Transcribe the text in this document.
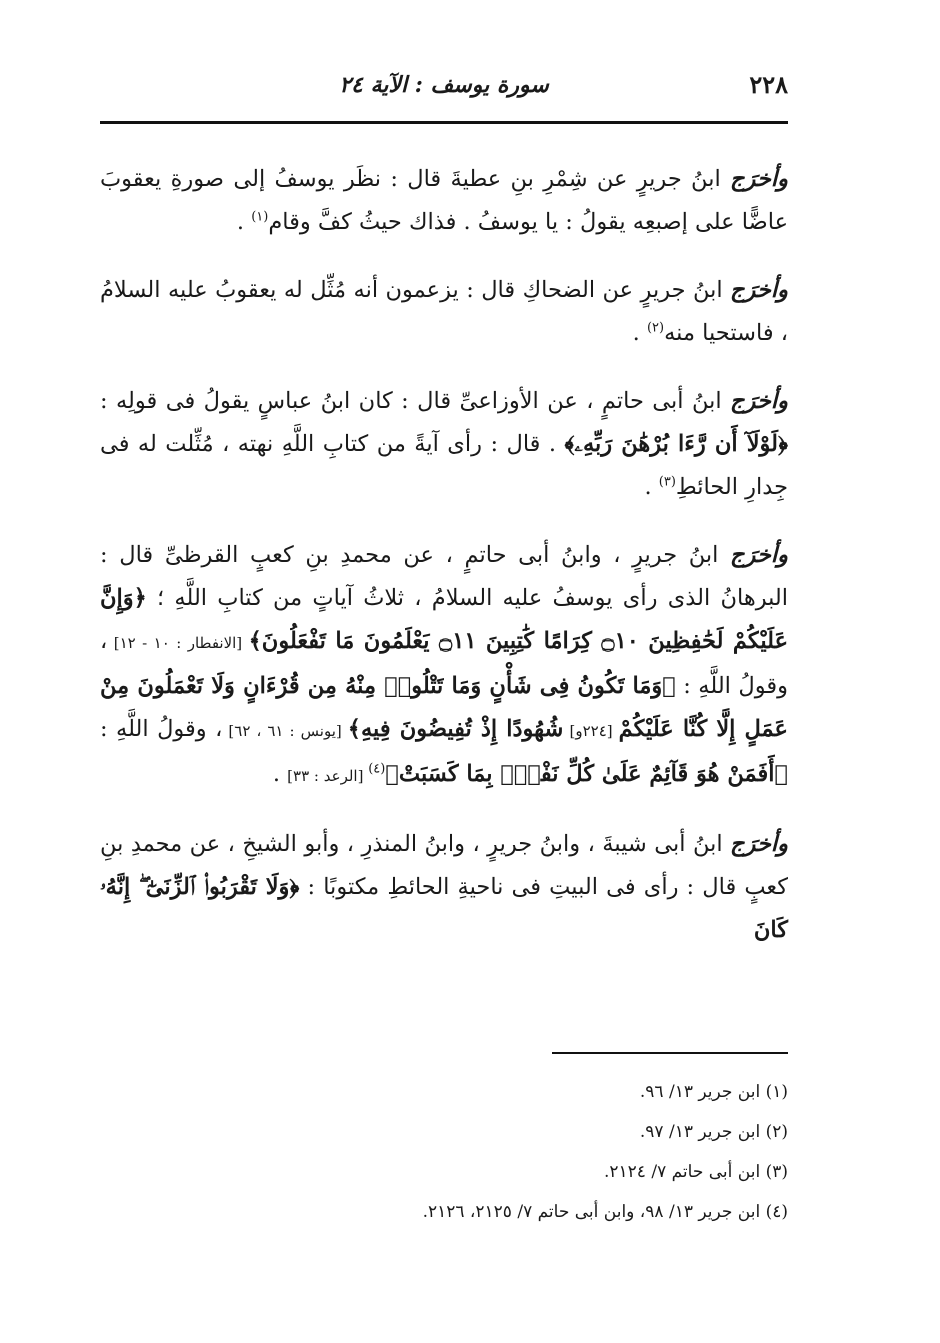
٢٢٨
سورة يوسف : الآية ٢٤

وأخرَج ابنُ جريرٍ عن شِمْرِ بنِ عطيةَ قال : نظَر يوسفُ إلى صورةِ يعقوبَ عاضًّا على إصبعِه يقولُ : يا يوسفُ . فذاك حيثُ كفَّ وقام$^{(١)}$ .

وأخرَج ابنُ جريرٍ عن الضحاكِ قال : يزعمون أنه مُثِّل له يعقوبُ عليه السلامُ ، فاستحيا منه$^{(٢)}$ .

وأخرَج ابنُ أبى حاتمٍ ، عن الأوزاعىِّ قال : كان ابنُ عباسٍ يقولُ فى قولِه : ﴿لَوْلَآ أَن رَّءَا بُرْهَٰنَ رَبِّهِۦ﴾ . قال : رأى آيةً من كتابِ اللَّهِ نهته ، مُثِّلت له فى جِدارِ الحائطِ$^{(٣)}$ .

وأخرَج ابنُ جريرٍ ، وابنُ أبى حاتمٍ ، عن محمدِ بنِ كعبٍ القرظىِّ قال : البرهانُ الذى رأى يوسفُ عليه السلامُ ، ثلاثُ آياتٍ من كتابِ اللَّهِ ؛ ﴿وَإِنَّ عَلَيْكُمْ لَحَٰفِظِينَ ۝١٠ كِرَامًا كَٰتِبِينَ ۝١١ يَعْلَمُونَ مَا تَفْعَلُونَ﴾ [الانفطار : ١٠ - ١٢] ، وقولُ اللَّهِ : ﴿وَمَا تَكُونُ فِى شَأْنٍ وَمَا تَتْلُوا۟ مِنْهُ مِن قُرْءَانٍ وَلَا تَعْمَلُونَ مِنْ عَمَلٍ إِلَّا كُنَّا عَلَيْكُمْ [٢٢٤و] شُهُودًا إِذْ تُفِيضُونَ فِيهِ﴾ [يونس : ٦١ ، ٦٢] ، وقولُ اللَّهِ : ﴿أَفَمَنْ هُوَ قَآئِمٌ عَلَىٰ كُلِّ نَفْسٍۭ بِمَا كَسَبَتْ﴾$^{(٤)}$ [الرعد : ٣٣] .

وأخرَج ابنُ أبى شيبةَ ، وابنُ جريرٍ ، وابنُ المنذرِ ، وأبو الشيخِ ، عن محمدِ بنِ كعبٍ قال : رأى فى البيتِ فى ناحيةِ الحائطِ مكتوبًا : ﴿وَلَا تَقْرَبُوا۟ ٱلزِّنَىٰٓ ۖ إِنَّهُۥ كَانَ

(١) ابن جرير ١٣/ ٩٦.

(٢) ابن جرير ١٣/ ٩٧.

(٣) ابن أبى حاتم ٧/ ٢١٢٤.

(٤) ابن جرير ١٣/ ٩٨، وابن أبى حاتم ٧/ ٢١٢٥، ٢١٢٦.
